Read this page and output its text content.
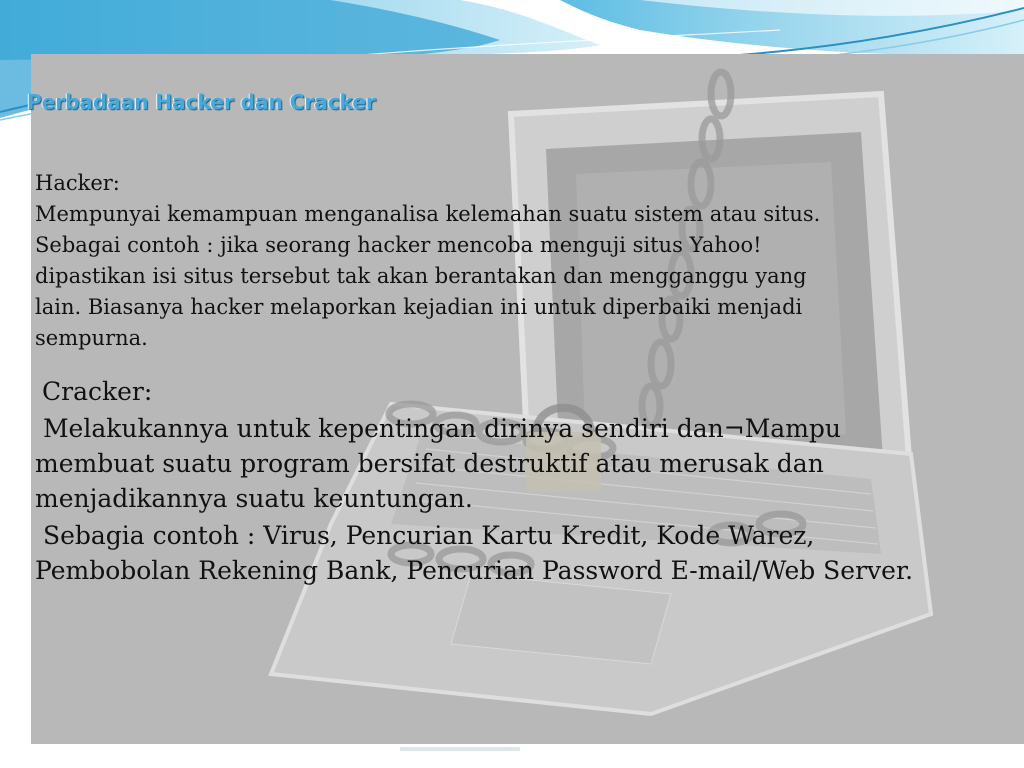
Perbadaan Hacker dan Cracker
Hacker:
Mempunyai kemampuan menganalisa kelemahan suatu sistem atau situs.
Sebagai contoh : jika seorang hacker mencoba menguji situs Yahoo!
dipastikan isi situs tersebut tak akan berantakan dan mengganggu yang
lain. Biasanya hacker melaporkan kejadian ini untuk diperbaiki menjadi
sempurna.

Cracker:

Melakukannya untuk kepentingan dirinya sendiri dan¬Mampu membuat suatu program bersifat destruktif atau merusak dan menjadikannya suatu keuntungan.

Sebagia contoh : Virus, Pencurian Kartu Kredit, Kode Warez, Pembobolan Rekening Bank, Pencurian Password E-mail/Web Server.
